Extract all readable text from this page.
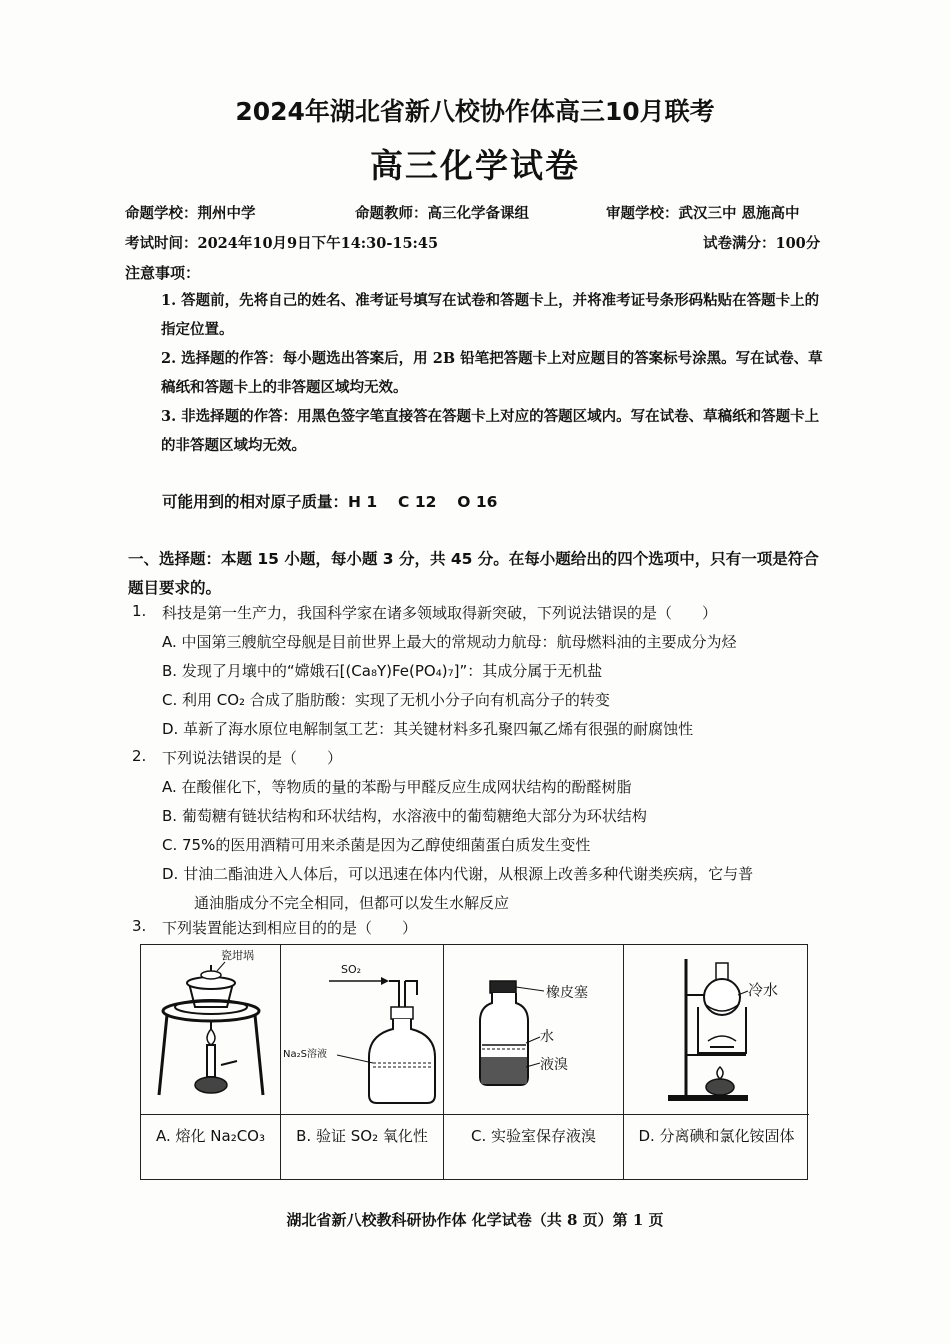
2024年湖北省新八校协作体高三10月联考
高三化学试卷
命题学校：荆州中学	命题教师：高三化学备课组	审题学校：武汉三中 恩施高中
考试时间：2024年10月9日下午14:30-15:45	试卷满分：100分
注意事项：
1. 答题前，先将自己的姓名、准考证号填写在试卷和答题卡上，并将准考证号条形码粘贴在答题卡上的指定位置。
2. 选择题的作答：每小题选出答案后，用 2B 铅笔把答题卡上对应题目的答案标号涂黑。写在试卷、草稿纸和答题卡上的非答题区域均无效。
3. 非选择题的作答：用黑色签字笔直接答在答题卡上对应的答题区域内。写在试卷、草稿纸和答题卡上的非答题区域均无效。
可能用到的相对原子质量：H 1　 C 12　 O 16
一、选择题：本题 15 小题，每小题 3 分，共 45 分。在每小题给出的四个选项中，只有一项是符合题目要求的。
1. 科技是第一生产力，我国科学家在诸多领域取得新突破，下列说法错误的是（　　）
A. 中国第三艘航空母舰是目前世界上最大的常规动力航母：航母燃料油的主要成分为烃
B. 发现了月壤中的“嫦娥石[(Ca₈Y)Fe(PO₄)₇]”：其成分属于无机盐
C. 利用 CO₂ 合成了脂肪酸：实现了无机小分子向有机高分子的转变
D. 革新了海水原位电解制氢工艺：其关键材料多孔聚四氟乙烯有很强的耐腐蚀性
2. 下列说法错误的是（　　）
A. 在酸催化下，等物质的量的苯酚与甲醛反应生成网状结构的酚醛树脂
B. 葡萄糖有链状结构和环状结构，水溶液中的葡萄糖绝大部分为环状结构
C. 75%的医用酒精可用来杀菌是因为乙醇使细菌蛋白质发生变性
D. 甘油二酯油进入人体后，可以迅速在体内代谢，从根源上改善多种代谢类疾病，它与普
通油脂成分不完全相同，但都可以发生水解反应
3. 下列装置能达到相应目的的是（　　）
瓷坩埚
A. 熔化 Na₂CO₃
SO₂
Na₂S溶液
B. 验证 SO₂ 氧化性
橡皮塞
水
液溴
C. 实验室保存液溴
冷水
D. 分离碘和氯化铵固体
湖北省新八校教科研协作体 化学试卷（共 8 页）第 1 页
